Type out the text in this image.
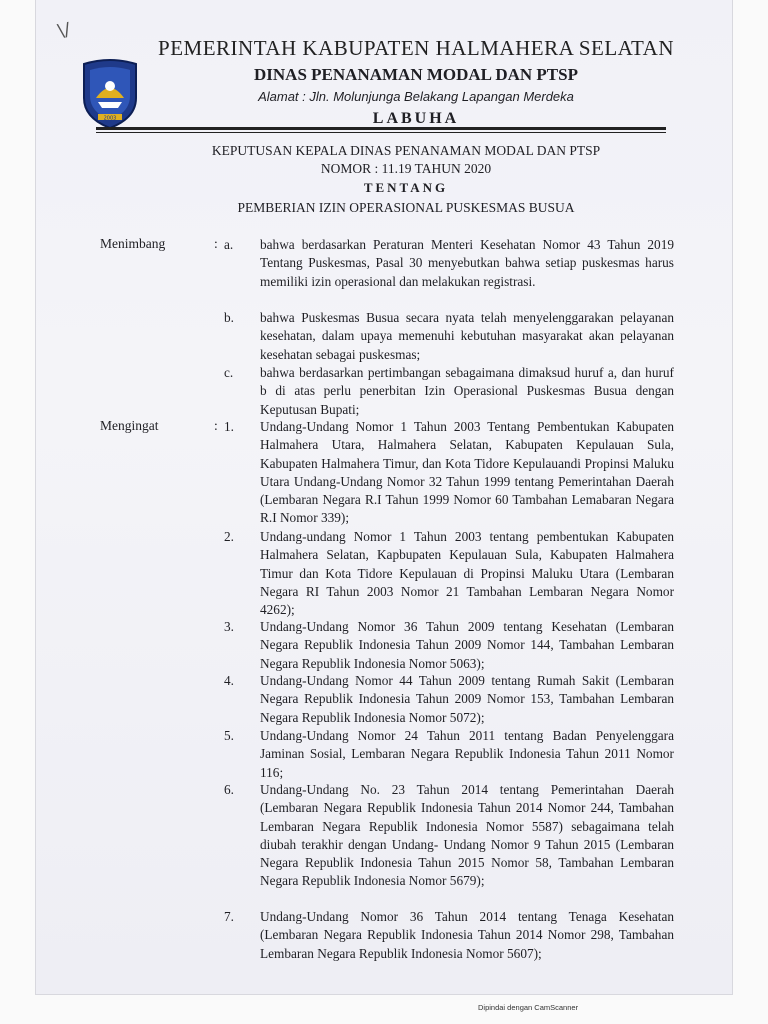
\/
2003
PEMERINTAH KABUPATEN HALMAHERA SELATAN
DINAS PENANAMAN MODAL DAN PTSP
Alamat : Jln. Molunjunga Belakang Lapangan Merdeka
LABUHA
KEPUTUSAN KEPALA DINAS PENANAMAN MODAL DAN PTSP
NOMOR : 11.19 TAHUN 2020
TENTANG
PEMBERIAN IZIN OPERASIONAL PUSKESMAS BUSUA
Menimbang	: a.	bahwa berdasarkan Peraturan Menteri Kesehatan Nomor 43 Tahun 2019 Tentang Puskesmas, Pasal 30 menyebutkan bahwa setiap puskesmas harus memiliki izin operasional dan melakukan registrasi.
b.	bahwa Puskesmas Busua secara nyata telah menyelenggarakan pelayanan kesehatan, dalam upaya memenuhi kebutuhan masyarakat akan pelayanan kesehatan sebagai puskesmas;
c.	bahwa berdasarkan pertimbangan sebagaimana dimaksud huruf a, dan huruf b di atas perlu penerbitan Izin Operasional Puskesmas Busua dengan Keputusan Bupati;
Mengingat	: 1.	Undang-Undang Nomor 1 Tahun 2003 Tentang Pembentukan Kabupaten Halmahera Utara, Halmahera Selatan, Kabupaten Kepulauan Sula, Kabupaten Halmahera Timur, dan Kota Tidore Kepulauandi Propinsi Maluku Utara Undang-Undang Nomor 32 Tahun 1999 tentang Pemerintahan Daerah (Lembaran Negara R.I Tahun 1999 Nomor 60 Tambahan Lemabaran Negara R.I Nomor 339);
2.	Undang-undang Nomor 1 Tahun 2003 tentang pembentukan Kabupaten Halmahera Selatan, Kapbupaten Kepulauan Sula, Kabupaten Halmahera Timur dan Kota Tidore Kepulauan di Propinsi Maluku Utara (Lembaran Negara RI Tahun 2003 Nomor 21 Tambahan Lembaran Negara Nomor 4262);
3.	Undang-Undang Nomor 36 Tahun 2009 tentang Kesehatan (Lembaran Negara Republik Indonesia Tahun 2009 Nomor 144, Tambahan Lembaran Negara Republik Indonesia Nomor 5063);
4.	Undang-Undang Nomor 44 Tahun 2009 tentang Rumah Sakit (Lembaran Negara Republik Indonesia Tahun 2009 Nomor 153, Tambahan Lembaran Negara Republik Indonesia Nomor 5072);
5.	Undang-Undang Nomor 24 Tahun 2011 tentang Badan Penyelenggara Jaminan Sosial, Lembaran Negara Republik Indonesia Tahun 2011 Nomor 116;
6.	Undang-Undang No. 23 Tahun 2014 tentang Pemerintahan Daerah (Lembaran Negara Republik Indonesia Tahun 2014 Nomor 244, Tambahan Lembaran Negara Republik Indonesia Nomor 5587) sebagaimana telah diubah terakhir dengan Undang- Undang Nomor 9 Tahun 2015 (Lembaran Negara Republik Indonesia Tahun 2015 Nomor 58, Tambahan Lembaran Negara Republik Indonesia Nomor 5679);
7.	Undang-Undang Nomor 36 Tahun 2014 tentang Tenaga Kesehatan (Lembaran Negara Republik Indonesia Tahun 2014 Nomor 298, Tambahan Lembaran Negara Republik Indonesia Nomor 5607);
Dipindai dengan CamScanner
